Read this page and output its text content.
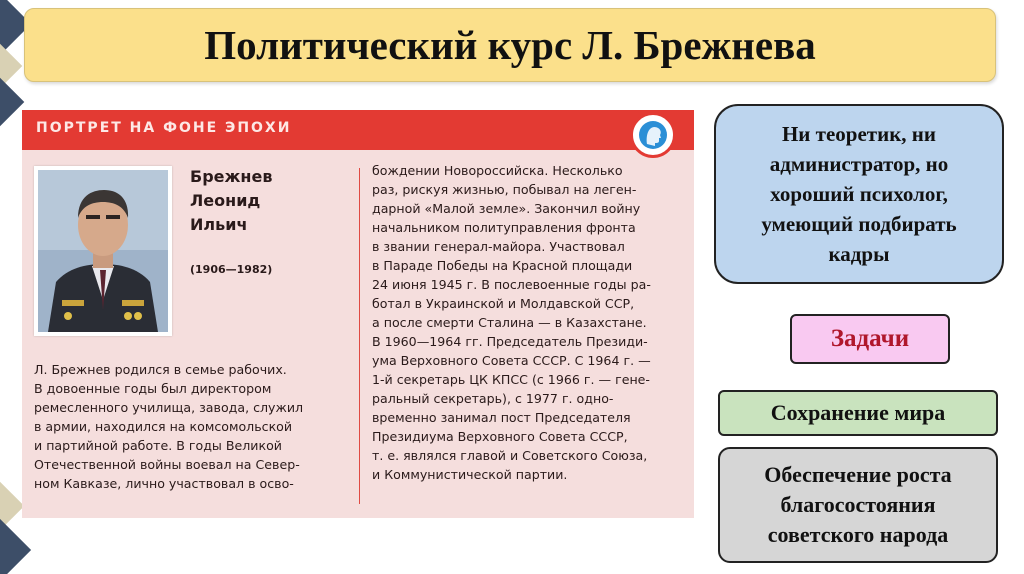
Политический курс Л. Брежнева
ПОРТРЕТ НА ФОНЕ ЭПОХИ
Брежнев
Леонид
Ильич
(1906—1982)
Л. Брежнев родился в семье рабочих.
В довоенные годы был директором
ремесленного училища, завода, служил
в армии, находился на комсомольской
и партийной работе. В годы Великой
Отечественной войны воевал на Север-
ном Кавказе, лично участвовал в осво-
бождении Новороссийска. Несколько
раз, рискуя жизнью, побывал на леген-
дарной «Малой земле». Закончил войну
начальником политуправления фронта
в звании генерал-майора. Участвовал
в Параде Победы на Красной площади
24 июня 1945 г. В послевоенные годы ра-
ботал в Украинской и Молдавской ССР,
а после смерти Сталина — в Казахстане.
В 1960—1964 гг. Председатель Президи-
ума Верховного Совета СССР. С 1964 г. —
1-й секретарь ЦК КПСС (с 1966 г. — гене-
ральный секретарь), с 1977 г. одно-
временно занимал пост Председателя
Президиума Верховного Совета СССР,
т. е. являлся главой и Советского Союза,
и Коммунистической партии.
Ни теоретик, ни
администратор, но
хороший психолог,
умеющий подбирать
кадры
Задачи
Сохранение мира
Обеспечение роста
благосостояния
советского народа
